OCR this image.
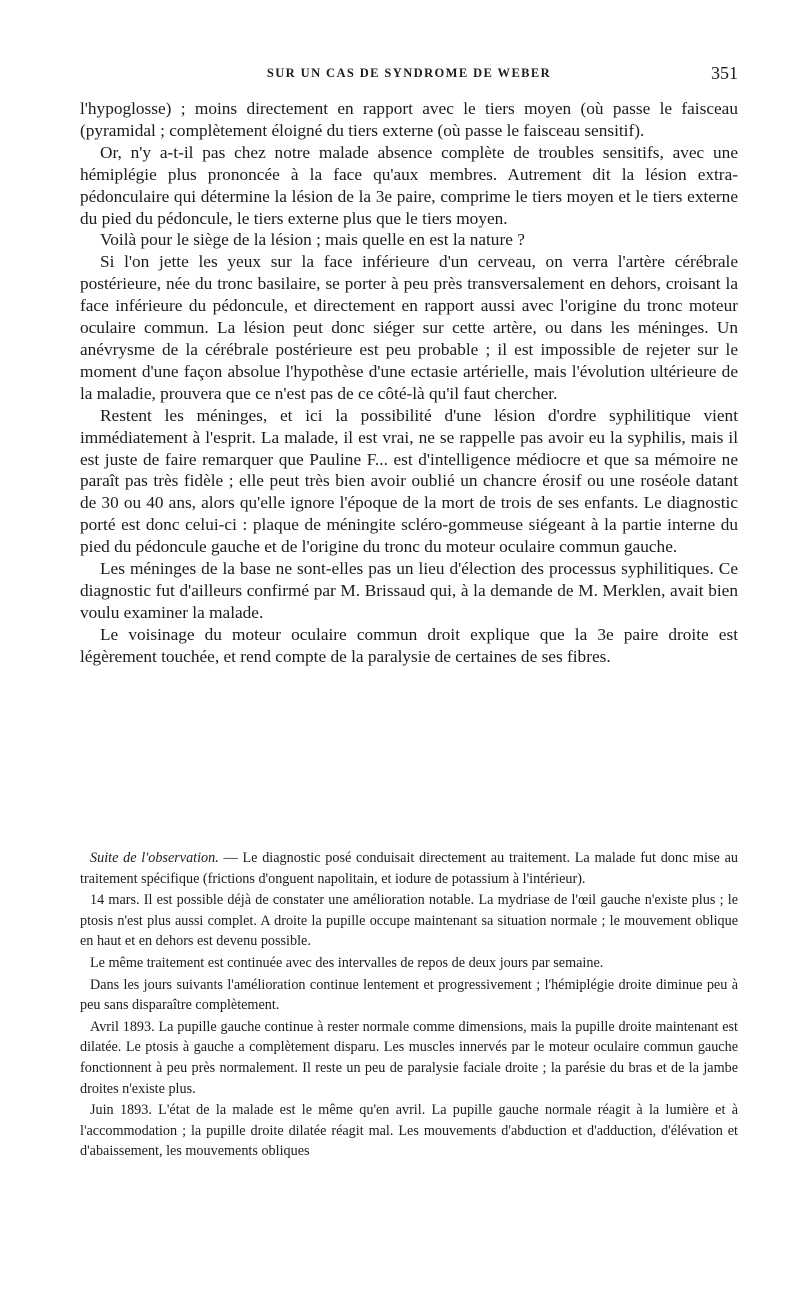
SUR UN CAS DE SYNDROME DE WEBER	351

l'hypoglosse) ; moins directement en rapport avec le tiers moyen (où passe le faisceau (pyramidal ; complètement éloigné du tiers externe (où passe le faisceau sensitif).

Or, n'y a-t-il pas chez notre malade absence complète de troubles sensitifs, avec une hémiplégie plus prononcée à la face qu'aux membres. Autrement dit la lésion extra-pédonculaire qui détermine la lésion de la 3e paire, comprime le tiers moyen et le tiers externe du pied du pédoncule, le tiers externe plus que le tiers moyen.

Voilà pour le siège de la lésion ; mais quelle en est la nature ?

Si l'on jette les yeux sur la face inférieure d'un cerveau, on verra l'artère cérébrale postérieure, née du tronc basilaire, se porter à peu près transversalement en dehors, croisant la face inférieure du pédoncule, et directement en rapport aussi avec l'origine du tronc moteur oculaire commun. La lésion peut donc siéger sur cette artère, ou dans les méninges. Un anévrysme de la cérébrale postérieure est peu probable ; il est impossible de rejeter sur le moment d'une façon absolue l'hypothèse d'une ectasie artérielle, mais l'évolution ultérieure de la maladie, prouvera que ce n'est pas de ce côté-là qu'il faut chercher.

Restent les méninges, et ici la possibilité d'une lésion d'ordre syphilitique vient immédiatement à l'esprit. La malade, il est vrai, ne se rappelle pas avoir eu la syphilis, mais il est juste de faire remarquer que Pauline F... est d'intelligence médiocre et que sa mémoire ne paraît pas très fidèle ; elle peut très bien avoir oublié un chancre érosif ou une roséole datant de 30 ou 40 ans, alors qu'elle ignore l'époque de la mort de trois de ses enfants. Le diagnostic porté est donc celui-ci : plaque de méningite scléro-gommeuse siégeant à la partie interne du pied du pédoncule gauche et de l'origine du tronc du moteur oculaire commun gauche.

Les méninges de la base ne sont-elles pas un lieu d'élection des processus syphilitiques. Ce diagnostic fut d'ailleurs confirmé par M. Brissaud qui, à la demande de M. Merklen, avait bien voulu examiner la malade.

Le voisinage du moteur oculaire commun droit explique que la 3e paire droite est légèrement touchée, et rend compte de la paralysie de certaines de ses fibres.

Suite de l'observation. — Le diagnostic posé conduisait directement au traitement. La malade fut donc mise au traitement spécifique (frictions d'onguent napolitain, et iodure de potassium à l'intérieur).

14 mars. Il est possible déjà de constater une amélioration notable. La mydriase de l'œil gauche n'existe plus ; le ptosis n'est plus aussi complet. A droite la pupille occupe maintenant sa situation normale ; le mouvement oblique en haut et en dehors est devenu possible.

Le même traitement est continuée avec des intervalles de repos de deux jours par semaine.

Dans les jours suivants l'amélioration continue lentement et progressivement ; l'hémiplégie droite diminue peu à peu sans disparaître complètement.

Avril 1893. La pupille gauche continue à rester normale comme dimensions, mais la pupille droite maintenant est dilatée. Le ptosis à gauche a complètement disparu. Les muscles innervés par le moteur oculaire commun gauche fonctionnent à peu près normalement. Il reste un peu de paralysie faciale droite ; la parésie du bras et de la jambe droites n'existe plus.

Juin 1893. L'état de la malade est le même qu'en avril. La pupille gauche normale réagit à la lumière et à l'accommodation ; la pupille droite dilatée réagit mal. Les mouvements d'abduction et d'adduction, d'élévation et d'abaissement, les mouvements obliques
